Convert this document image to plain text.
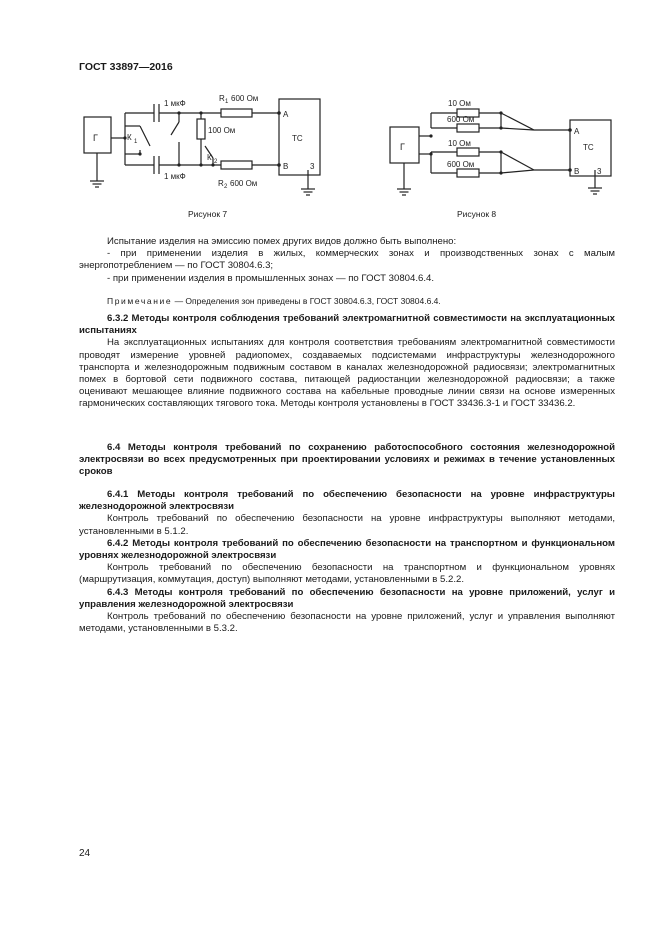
ГОСТ 33897—2016
Г	К 1
1 мкФ
1 мкФ
100 Ом
К 2
R 1 600 Ом
R 2 600 Ом
ТС
А
В	3
Рисунок 7
Г
10 Ом
600 Ом
10 Ом
600 Ом
ТС
А
В 3
Рисунок 8

Испытание изделия на эмиссию помех других видов должно быть выполнено:

- при применении изделия в жилых, коммерческих зонах и производственных зонах с малым энергопотреблением — по ГОСТ 30804.6.3;

- при применении изделия в промышленных зонах — по ГОСТ 30804.6.4.

Примечание — Определения зон приведены в ГОСТ 30804.6.3, ГОСТ 30804.6.4.

6.3.2 Методы контроля соблюдения требований электромагнитной совместимости на эксплуатационных испытаниях

На эксплуатационных испытаниях для контроля соответствия требованиям электромагнитной совместимости проводят измерение уровней радиопомех, создаваемых подсистемами инфраструктуры железнодорожного транспорта и железнодорожным подвижным составом в каналах железнодорожной радиосвязи; электромагнитных помех в бортовой сети подвижного состава, питающей радиостанции железнодорожной радиосвязи; а также оценивают мешающее влияние подвижного состава на кабельные проводные линии связи на основе измеренных гармонических составляющих тягового тока. Методы контроля установлены в ГОСТ 33436.3-1 и ГОСТ 33436.2.

6.4 Методы контроля требований по сохранению работоспособного состояния железнодорожной электросвязи во всех предусмотренных при проектировании условиях и режимах в течение установленных сроков

6.4.1 Методы контроля требований по обеспечению безопасности на уровне инфраструктуры железнодорожной электросвязи

Контроль требований по обеспечению безопасности на уровне инфраструктуры выполняют методами, установленными в 5.1.2.

6.4.2 Методы контроля требований по обеспечению безопасности на транспортном и функциональном уровнях железнодорожной электросвязи

Контроль требований по обеспечению безопасности на транспортном и функциональном уровнях (маршрутизация, коммутация, доступ) выполняют методами, установленными в 5.2.2.

6.4.3 Методы контроля требований по обеспечению безопасности на уровне приложений, услуг и управления железнодорожной электросвязи

Контроль требований по обеспечению безопасности на уровне приложений, услуг и управления выполняют методами, установленными в 5.3.2.

24
